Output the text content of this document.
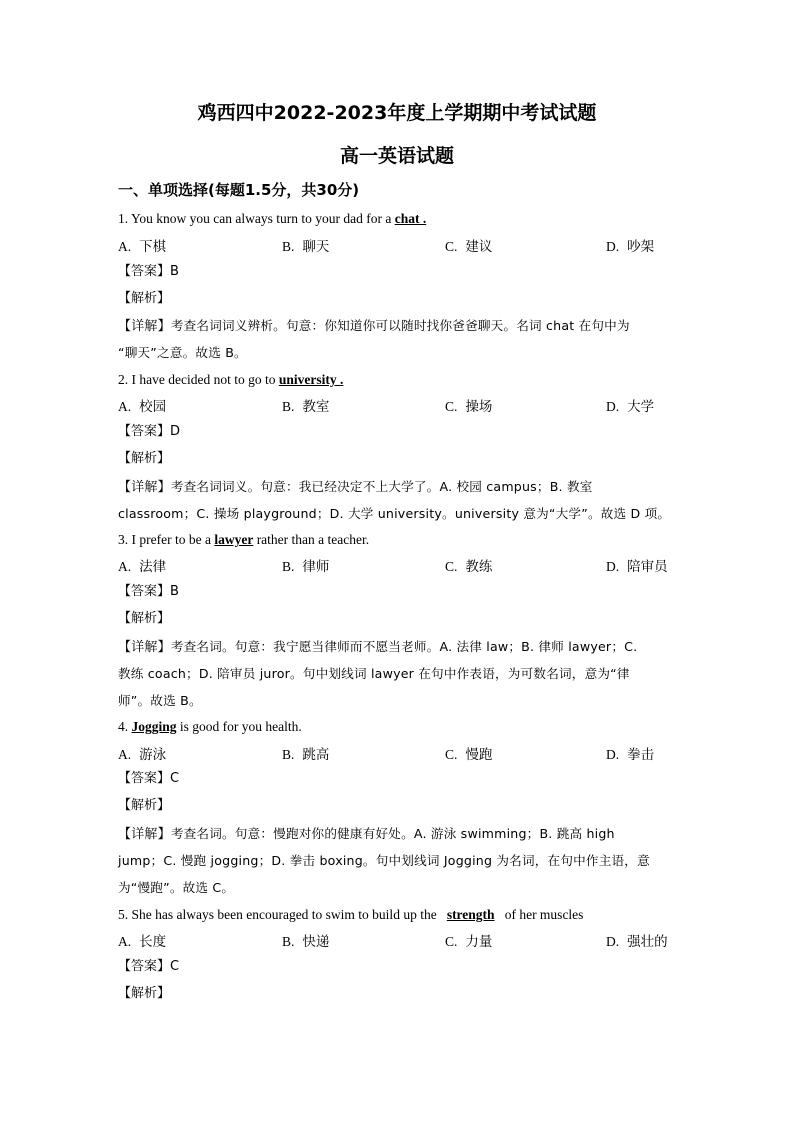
鸡西四中2022-2023年度上学期期中考试试题
高一英语试题
一、单项选择(每题1.5分，共30分)
1. You know you can always turn to your dad for a chat .
A. 下棋	B. 聊天	C. 建议	D. 吵架
【答案】B
【解析】
【详解】考查名词词义辨析。句意：你知道你可以随时找你爸爸聊天。名词 chat 在句中为
“聊天”之意。故选 B。
2. I have decided not to go to university .
A. 校园	B. 教室	C. 操场	D. 大学
【答案】D
【解析】
【详解】考查名词词义。句意：我已经决定不上大学了。A. 校园 campus；B. 教室
classroom；C. 操场 playground；D. 大学 university。university 意为“大学”。故选 D 项。
3. I prefer to be a lawyer rather than a teacher.
A. 法律	B. 律师	C. 教练	D. 陪审员
【答案】B
【解析】
【详解】考查名词。句意：我宁愿当律师而不愿当老师。A. 法律 law；B. 律师 lawyer；C.
教练 coach；D. 陪审员 juror。句中划线词 lawyer 在句中作表语，为可数名词，意为“律
师”。故选 B。
4. Jogging is good for you health.
A. 游泳	B. 跳高	C. 慢跑	D. 拳击
【答案】C
【解析】
【详解】考查名词。句意：慢跑对你的健康有好处。A. 游泳 swimming；B. 跳高 high
jump；C. 慢跑 jogging；D. 拳击 boxing。句中划线词 Jogging 为名词，在句中作主语，意
为“慢跑”。故选 C。
5. She has always been encouraged to swim to build up the   strength   of her muscles
A. 长度	B. 快递	C. 力量	D. 强壮的
【答案】C
【解析】
